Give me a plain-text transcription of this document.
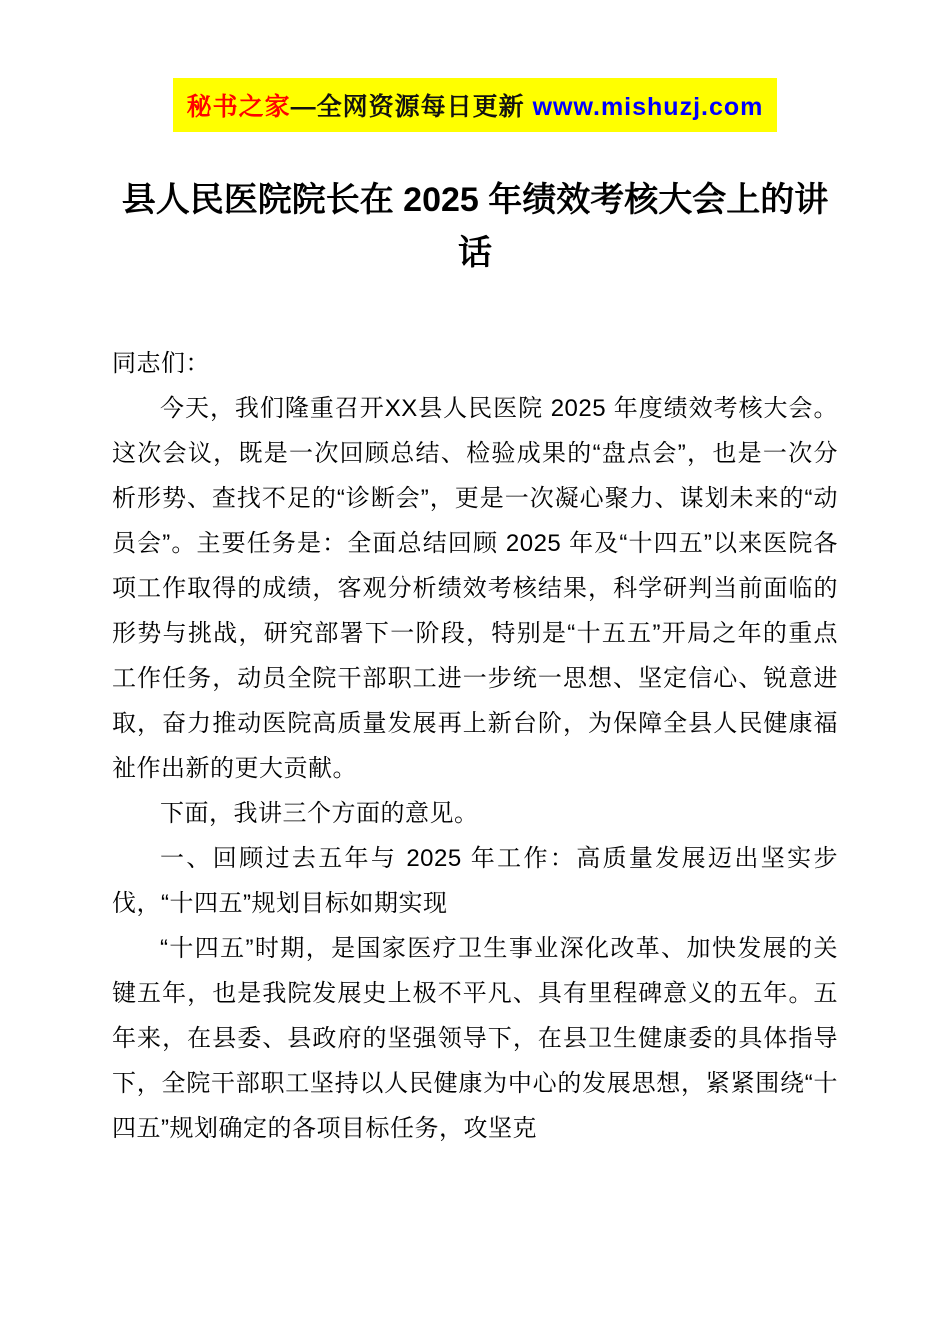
秘书之家—全网资源每日更新 www.mishuzj.com
县人民医院院长在 2025 年绩效考核大会上的讲话

同志们：

今天，我们隆重召开XX县人民医院 2025 年度绩效考核大会。这次会议，既是一次回顾总结、检验成果的“盘点会”，也是一次分析形势、查找不足的“诊断会”，更是一次凝心聚力、谋划未来的“动员会”。主要任务是：全面总结回顾 2025 年及“十四五”以来医院各项工作取得的成绩，客观分析绩效考核结果，科学研判当前面临的形势与挑战，研究部署下一阶段，特别是“十五五”开局之年的重点工作任务，动员全院干部职工进一步统一思想、坚定信心、锐意进取，奋力推动医院高质量发展再上新台阶，为保障全县人民健康福祉作出新的更大贡献。

下面，我讲三个方面的意见。

一、回顾过去五年与 2025 年工作：高质量发展迈出坚实步伐，“十四五”规划目标如期实现

“十四五”时期，是国家医疗卫生事业深化改革、加快发展的关键五年，也是我院发展史上极不平凡、具有里程碑意义的五年。五年来，在县委、县政府的坚强领导下，在县卫生健康委的具体指导下，全院干部职工坚持以人民健康为中心的发展思想，紧紧围绕“十四五”规划确定的各项目标任务，攻坚克
